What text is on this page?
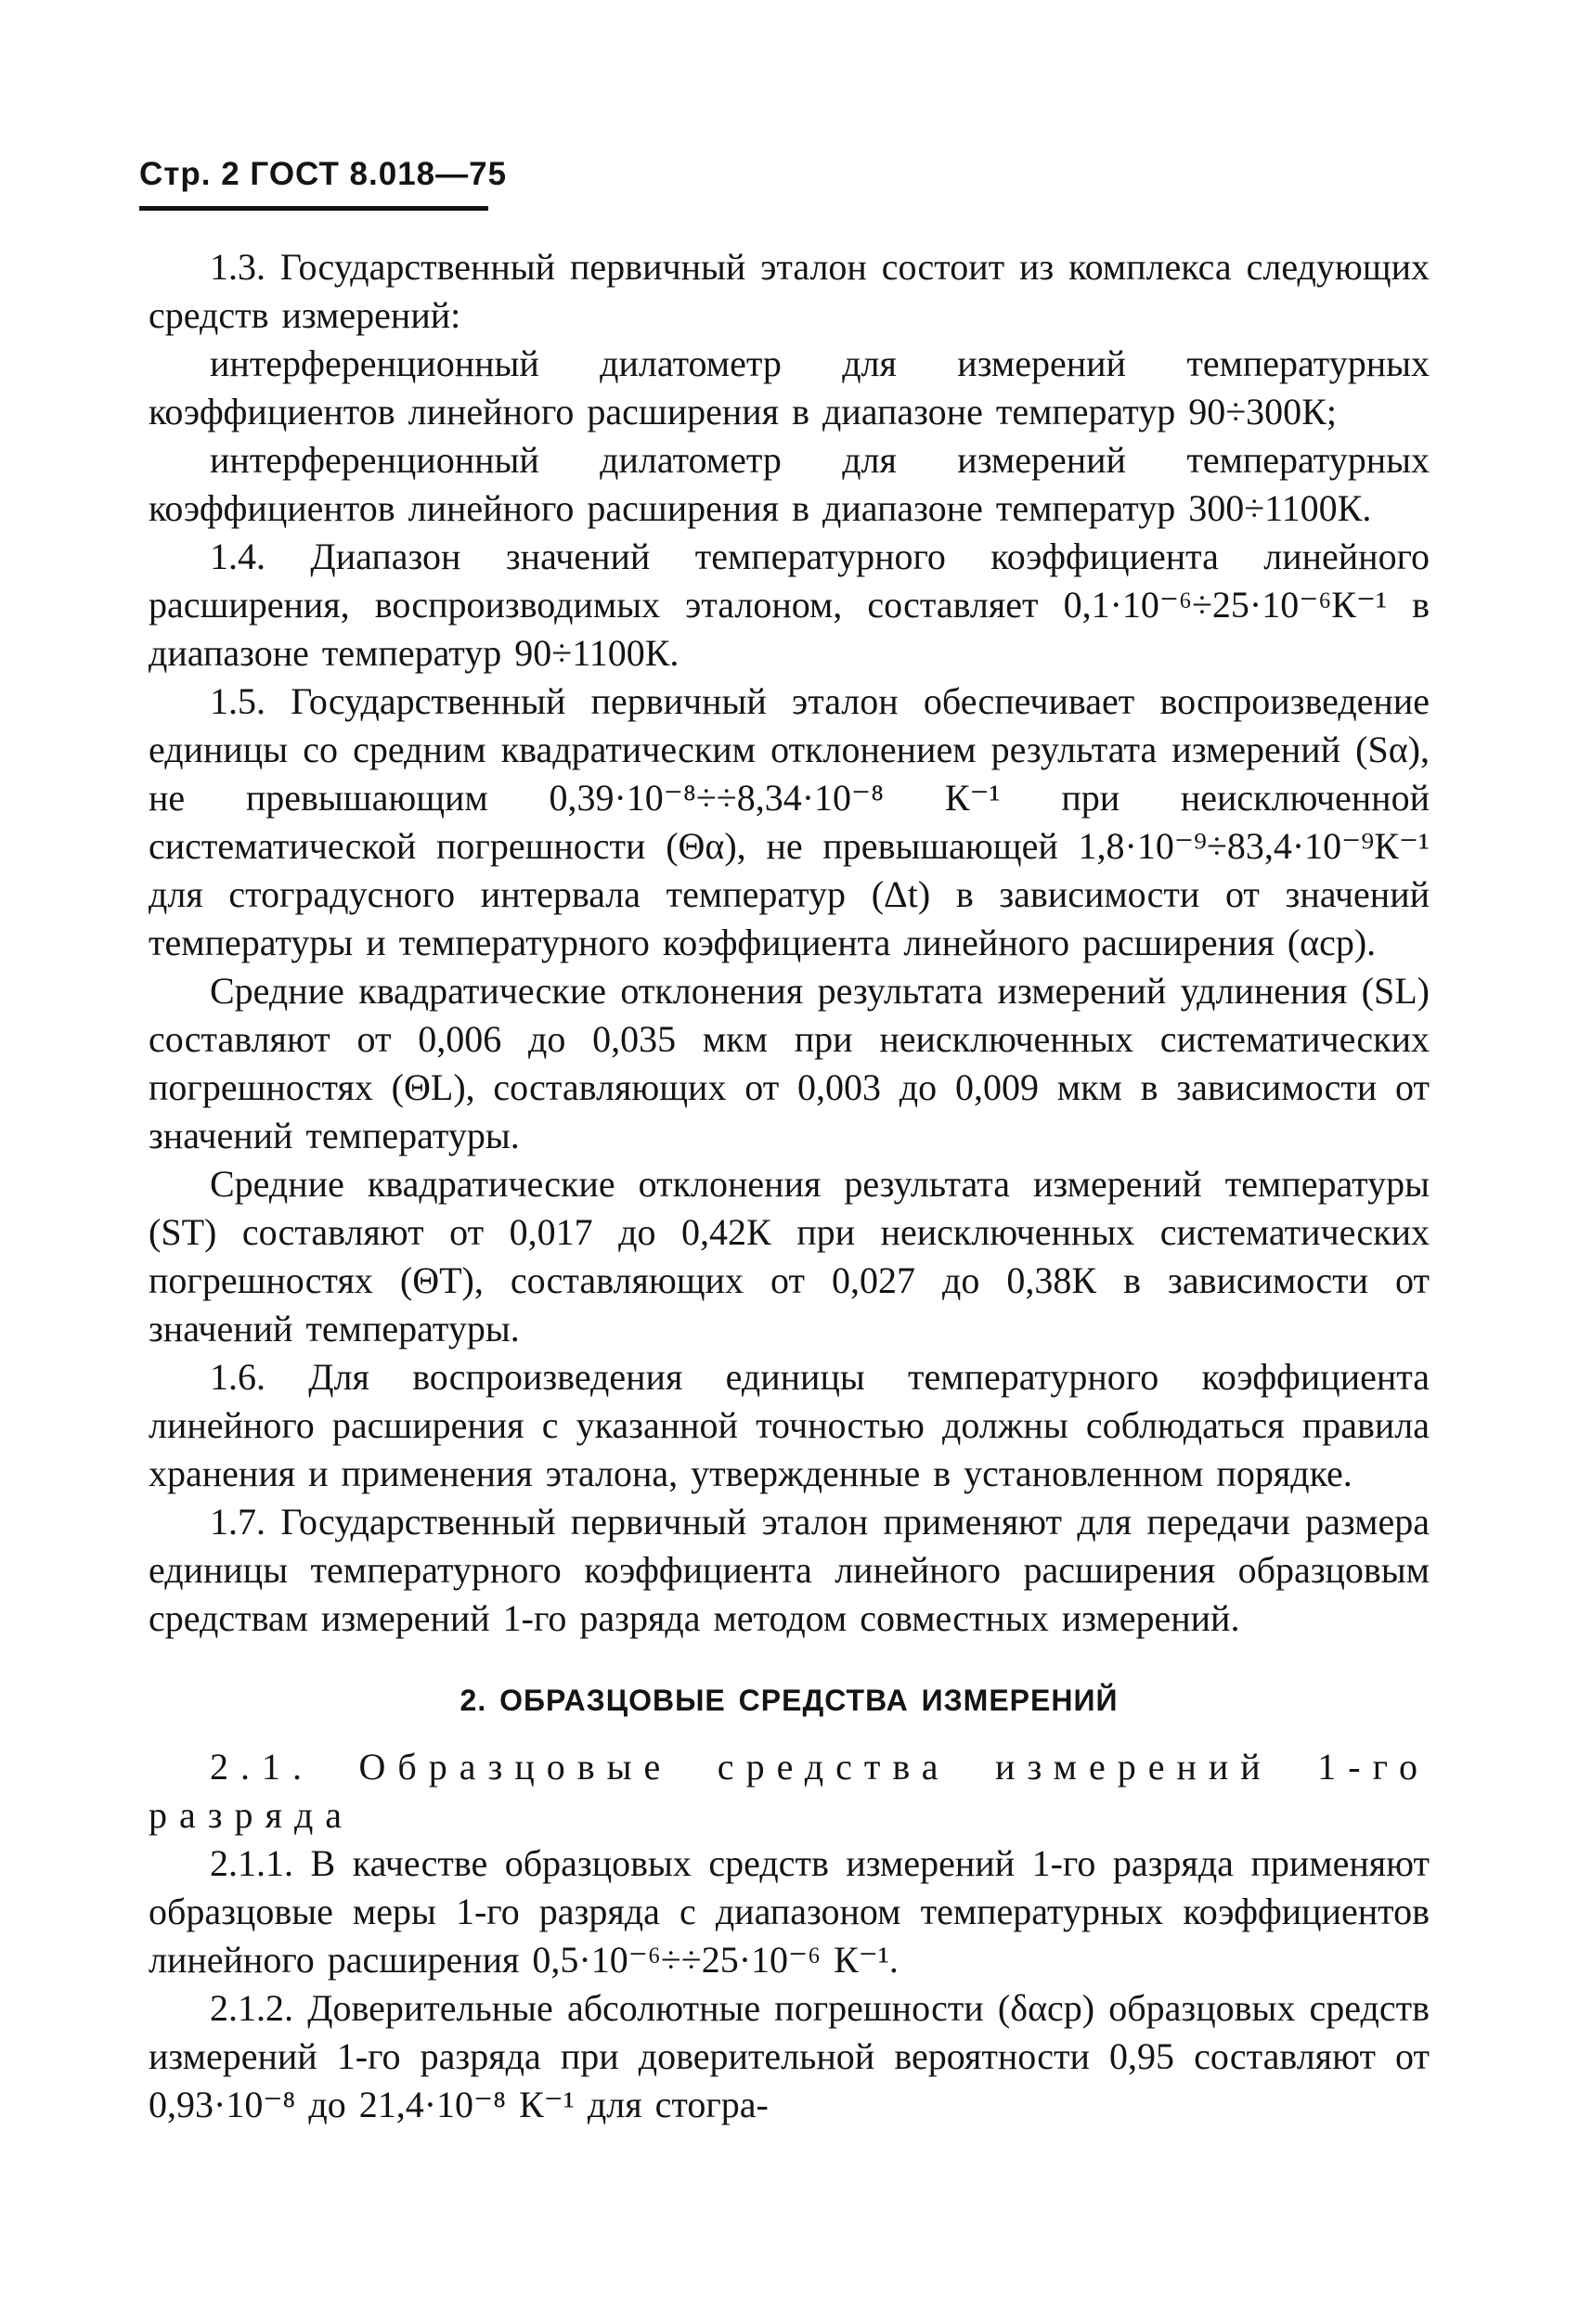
Стр. 2 ГОСТ 8.018—75

1.3. Государственный первичный эталон состоит из комплекса следующих средств измерений:

интерференционный дилатометр для измерений температурных коэффициентов линейного расширения в диапазоне температур 90÷300К;

интерференционный дилатометр для измерений температурных коэффициентов линейного расширения в диапазоне температур 300÷1100К.

1.4. Диапазон значений температурного коэффициента линейного расширения, воспроизводимых эталоном, составляет 0,1·10⁻⁶÷25·10⁻⁶К⁻¹ в диапазоне температур 90÷1100К.

1.5. Государственный первичный эталон обеспечивает воспроизведение единицы со средним квадратическим отклонением результата измерений (Sα), не превышающим 0,39·10⁻⁸÷÷8,34·10⁻⁸ К⁻¹ при неисключенной систематической погрешности (Θα), не превышающей 1,8·10⁻⁹÷83,4·10⁻⁹К⁻¹ для стоградусного интервала температур (Δt) в зависимости от значений температуры и температурного коэффициента линейного расширения (αср).

Средние квадратические отклонения результата измерений удлинения (SL) составляют от 0,006 до 0,035 мкм при неисключенных систематических погрешностях (ΘL), составляющих от 0,003 до 0,009 мкм в зависимости от значений температуры.

Средние квадратические отклонения результата измерений температуры (SТ) составляют от 0,017 до 0,42К при неисключенных систематических погрешностях (ΘТ), составляющих от 0,027 до 0,38К в зависимости от значений температуры.

1.6. Для воспроизведения единицы температурного коэффициента линейного расширения с указанной точностью должны соблюдаться правила хранения и применения эталона, утвержденные в установленном порядке.

1.7. Государственный первичный эталон применяют для передачи размера единицы температурного коэффициента линейного расширения образцовым средствам измерений 1-го разряда методом совместных измерений.

2. ОБРАЗЦОВЫЕ СРЕДСТВА ИЗМЕРЕНИЙ

2.1. Образцовые средства измерений 1-го разряда

2.1.1. В качестве образцовых средств измерений 1-го разряда применяют образцовые меры 1-го разряда с диапазоном температурных коэффициентов линейного расширения 0,5·10⁻⁶÷÷25·10⁻⁶ К⁻¹.

2.1.2. Доверительные абсолютные погрешности (δαср) образцовых средств измерений 1-го разряда при доверительной вероятности 0,95 составляют от 0,93·10⁻⁸ до 21,4·10⁻⁸ К⁻¹ для стогра-
